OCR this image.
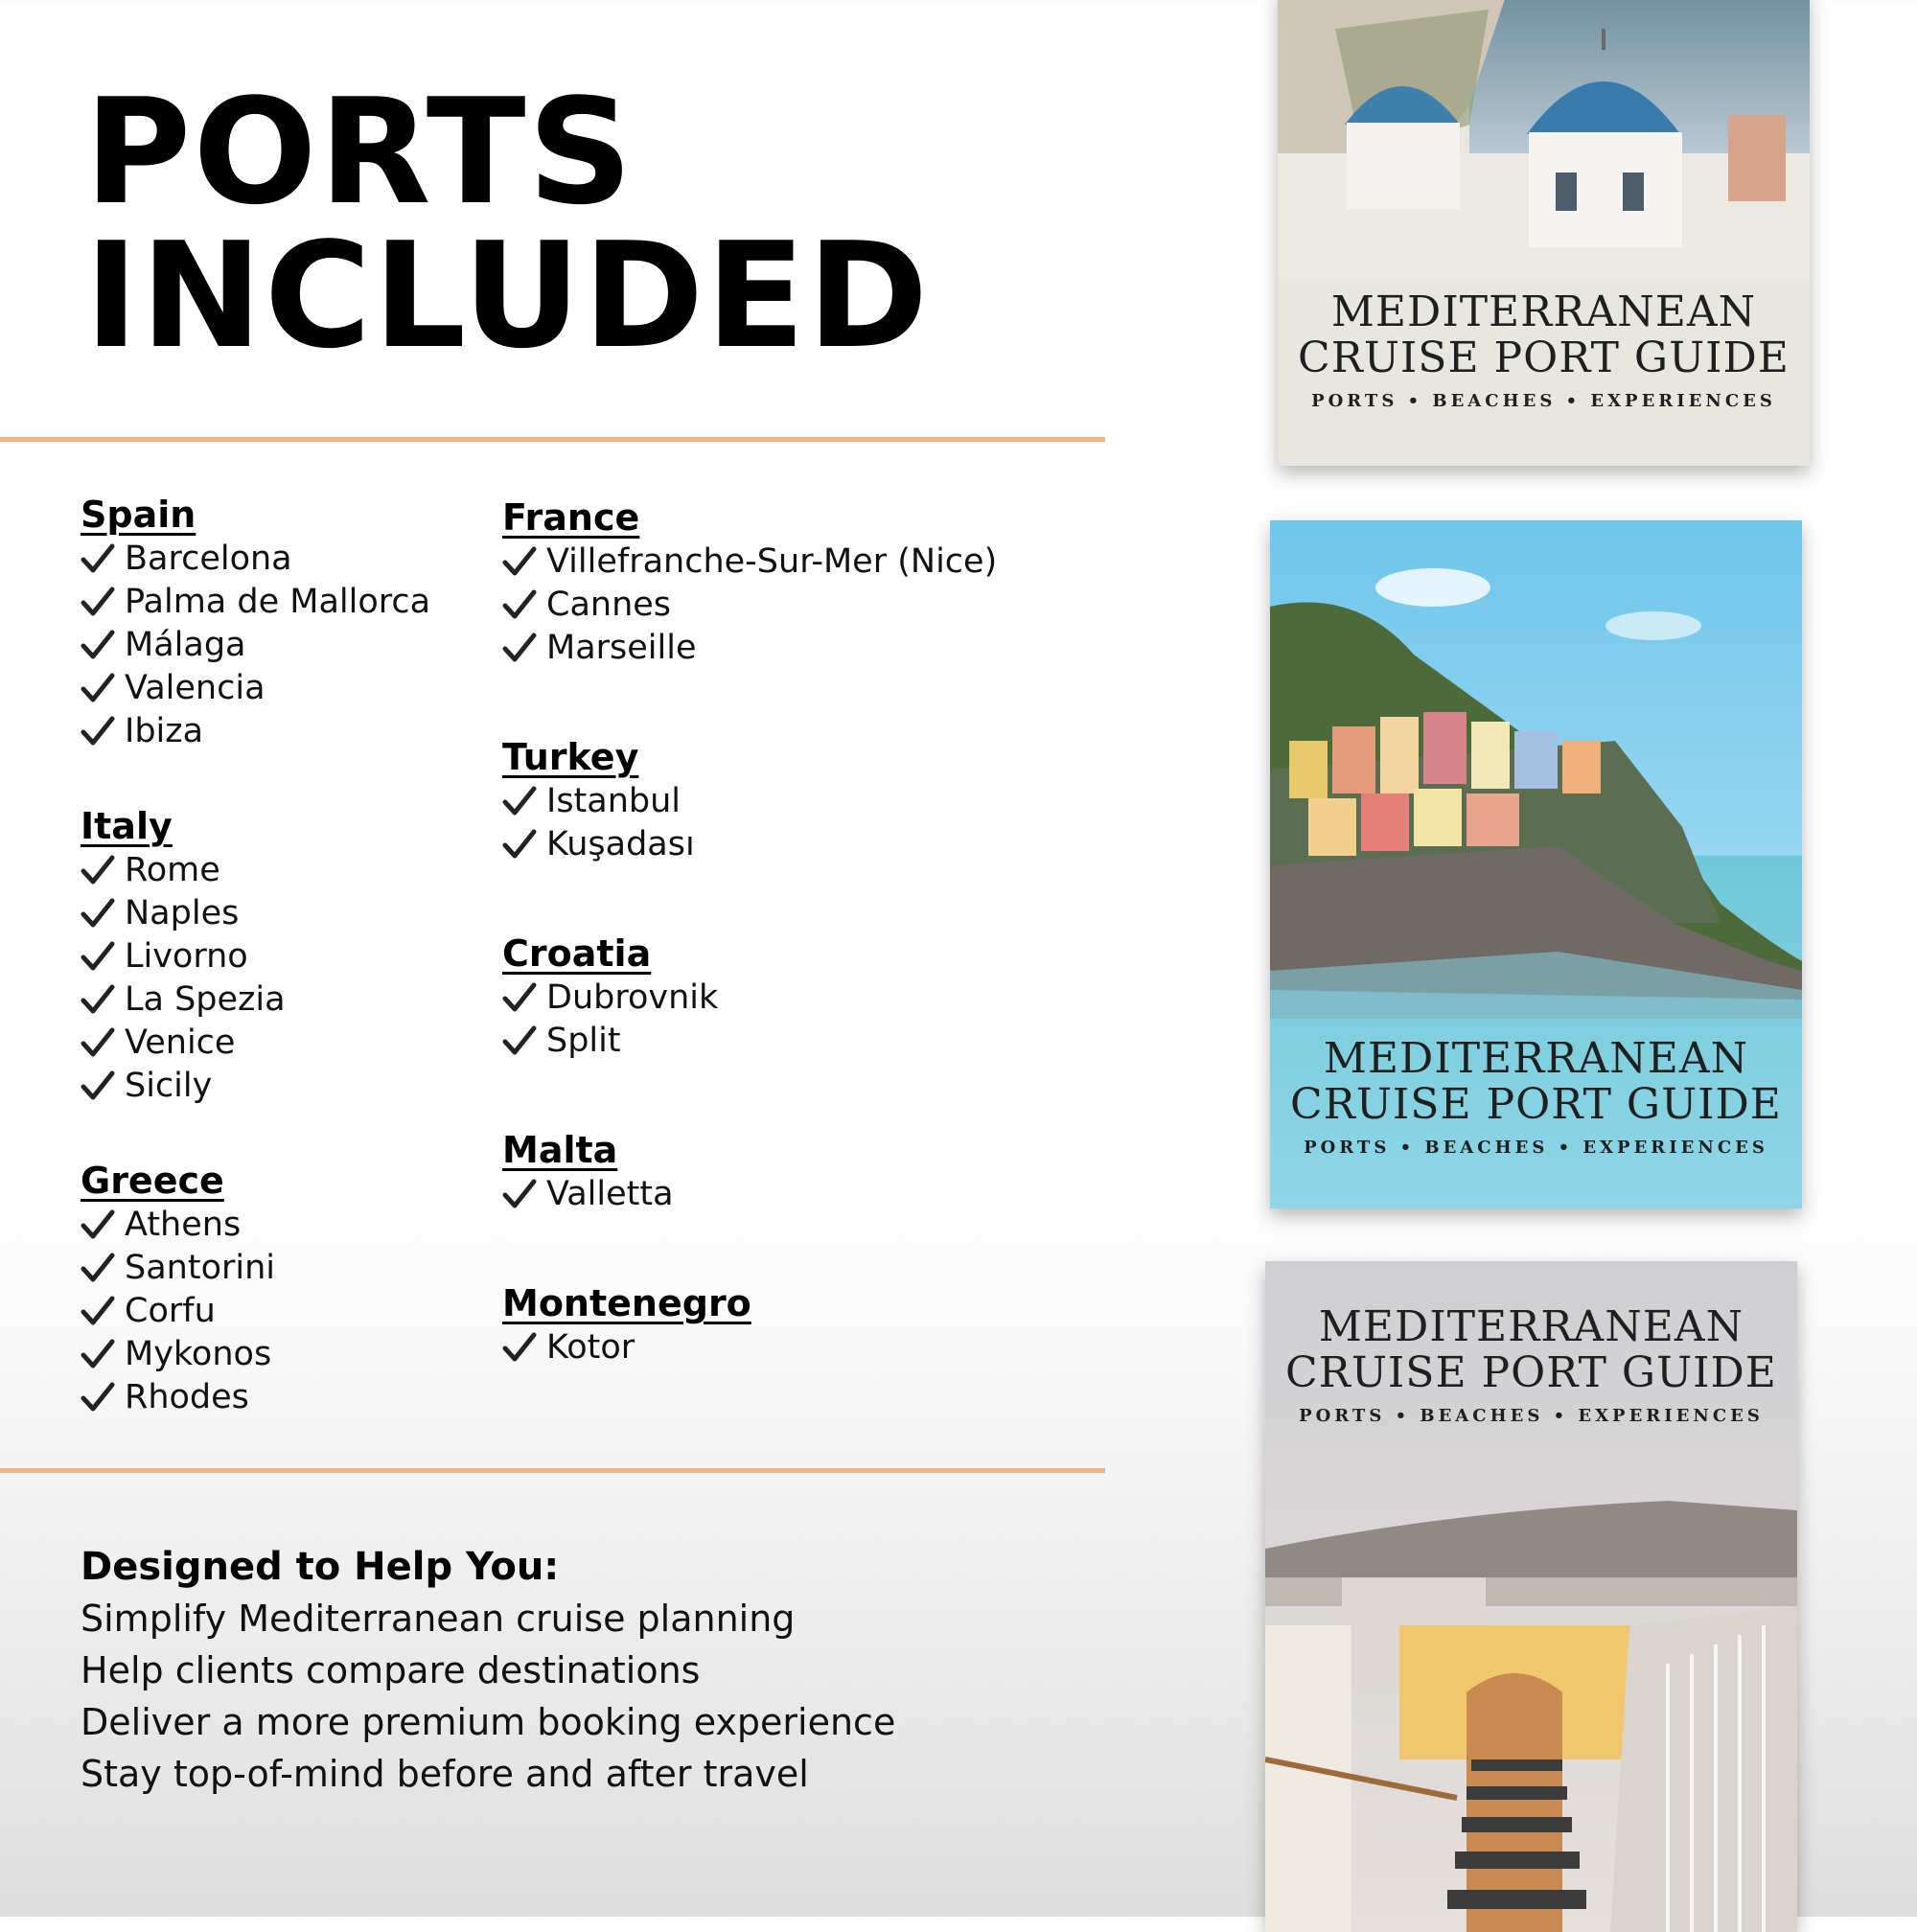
PORTS
INCLUDED
Spain
Barcelona
Palma de Mallorca
Málaga
Valencia
Ibiza
Italy
Rome
Naples
Livorno
La Spezia
Venice
Sicily
Greece
Athens
Santorini
Corfu
Mykonos
Rhodes
France
Villefranche-Sur-Mer (Nice)
Cannes
Marseille
Turkey
Istanbul
Kuşadası
Croatia
Dubrovnik
Split
Malta
Valletta
Montenegro
Kotor
Designed to Help You:
Simplify Mediterranean cruise planning
Help clients compare destinations
Deliver a more premium booking experience
Stay top-of-mind before and after travel
MEDITERRANEAN
CRUISE PORT GUIDE
PORTS • BEACHES • EXPERIENCES
MEDITERRANEAN
CRUISE PORT GUIDE
PORTS • BEACHES • EXPERIENCES
MEDITERRANEAN
CRUISE PORT GUIDE
PORTS • BEACHES • EXPERIENCES
